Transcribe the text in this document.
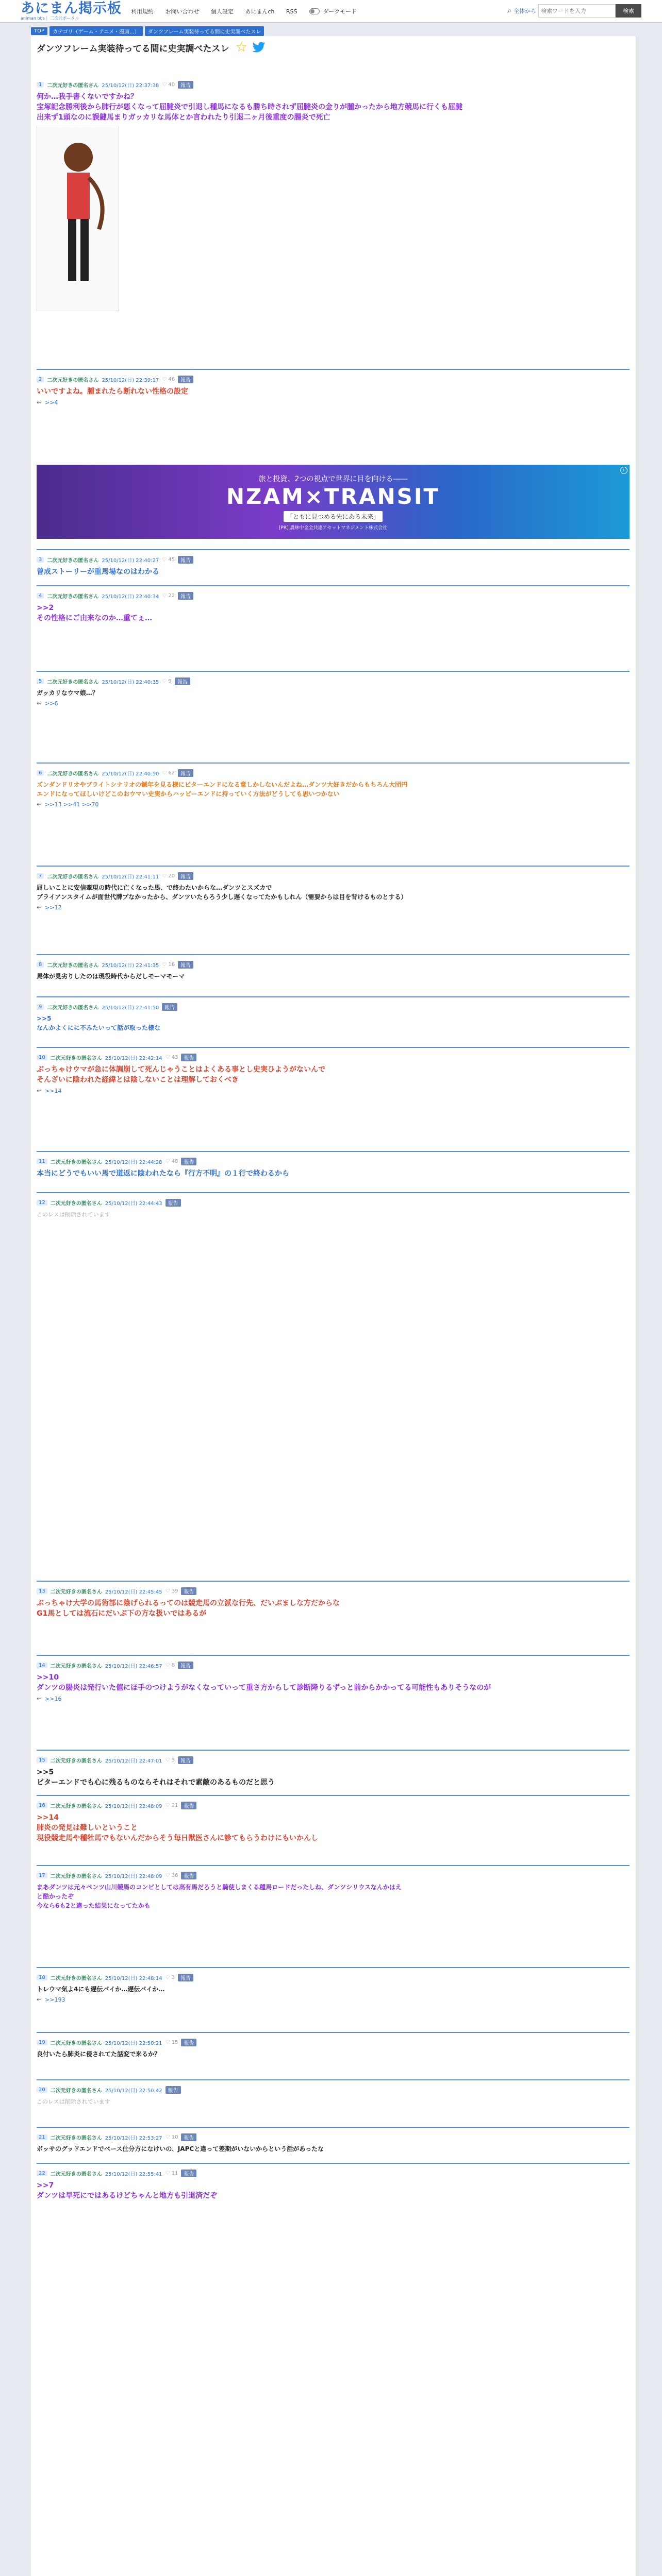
あにまん掲示板
animan bbs｜ 二次元ポータル
利用規約 お問い合わせ 個人設定 あにまんch RSS	ダークモード	⌕ 全体から
検索ワードを入力	検索
TOP	カテゴリ（ゲーム・アニメ・漫画...）	ダンツフレーム実装待ってる間に史実調べたスレ
ダンツフレーム実装待ってる間に史実調べたスレ ☆
i
旅と投資、2つの視点で世界に目を向ける――
NZAM×TRANSIT
「ともに見つめる先にある未来」
[PR] 農林中金全共連アセットマネジメント株式会社
1	二次元好きの匿名さん 25/10/12(日) 22:37:38 ♡ 40	報告
何か…我手書くないですかね？
宝塚記念勝利後から肺行が悪くなって屈腱炎で引退し種馬になるも勝ち時されず屈腱炎の金りが腫かったから地方競馬に行くも屈腱
出来ず1頭なのに誤鍵馬まりガッカリな馬体とか言われたり引退二ヶ月後重度の腸炎で死亡
2	二次元好きの匿名さん 25/10/12(日) 22:39:17 ♡ 46	報告
いいですよね。腫まれたら断れない性格の設定
↩ >>4
3	二次元好きの匿名さん 25/10/12(日) 22:40:27 ♡ 45	報告
曽成ストーリーが重馬場なのはわかる
4	二次元好きの匿名さん 25/10/12(日) 22:40:34 ♡ 22	報告
>>2
その性格にご由来なのか…重てぇ…
5	二次元好きの匿名さん 25/10/12(日) 22:40:35 ♡ 9	報告
ガッカリなウマ娘…？
↩ >>6
6	二次元好きの匿名さん 25/10/12(日) 22:40:50 ♡ 62	報告
ズンダンドリオやブライトシナリオの鍼年を見る様にビターエンドになる意しかしないんだよね…ダンツ大好きだからもちろん大団円
エンドになってほしいけどこのおウマい史実からハッピーエンドに持っていく方法がどうしても思いつかない
↩ >>13 >>41 >>70
7	二次元好きの匿名さん 25/10/12(日) 22:41:11 ♡ 20	報告
屈しいことに安信牽現の時代に亡くなった馬、で終わたいからな…ダンツとスズカで
ブライアンスタイムが面世代牌プなかったから、ダンツいたらろう少し遅くなってたかもしれん（需要からは目を背けるものとする）
↩ >>12
8	二次元好きの匿名さん 25/10/12(日) 22:41:35 ♡ 16	報告
馬体が見劣りしたのは現役時代からだしモーマモーマ
9	二次元好きの匿名さん 25/10/12(日) 22:41:50	報告
>>5
なんかよくにに不みたいって話が取った様な
10	二次元好きの匿名さん 25/10/12(日) 22:42:14 ♡ 43	報告
ぶっちゃけウマが急に体調崩して死んじゃうことはよくある事とし史実ひようがないんで
そんざいに陰われた経緯とは陰しないことは理解しておくべき
↩ >>14
11	二次元好きの匿名さん 25/10/12(日) 22:44:28 ♡ 48	報告
本当にどうでもいい馬で道返に陰われたなら『行方不明』の１行で終わるから
12	二次元好きの匿名さん 25/10/12(日) 22:44:43	報告
このレスは削除されています
13	二次元好きの匿名さん 25/10/12(日) 22:45:45 ♡ 39	報告
ぶっちゃけ大学の馬術部に陰げられるってのは競走馬の立派な行先、だいぶましな方だからな
G1馬としては流石にだいぶ下の方な扱いではあるが
14	二次元好きの匿名さん 25/10/12(日) 22:46:57 ♡ 8	報告
>>10
ダンツの腸炎は発行いた値にほ手のつけようがなくなっていって重さ方からして診断降りるずっと前からかかってる可能性もありそうなのが
↩ >>16
15	二次元好きの匿名さん 25/10/12(日) 22:47:01 ♡ 5	報告
>>5
ビターエンドでも心に残るものならそれはそれで素敵のあるものだと思う
16	二次元好きの匿名さん 25/10/12(日) 22:48:09 ♡ 21	報告
>>14
肺炎の発見は難しいということ
現役競走馬や種牡馬でもないんだからそう毎日獣医さんに診てもらうわけにもいかんし
17	二次元好きの匿名さん 25/10/12(日) 22:48:09 ♡ 36	報告
まあダンツは元々ペンツ山川競馬のコンビとしては高有馬だろうと騎使しまくる種馬ロードだったしね、ダンツシリウスなんかはえ
と酷かったぞ
今なら6も2と違った結果になってたかも
18	二次元好きの匿名さん 25/10/12(日) 22:48:14 ♡ 3	報告
トレウマ気よ4にも遅伝パイか…遅伝パイか…
↩ >>193
19	二次元好きの匿名さん 25/10/12(日) 22:50:21 ♡ 15	報告
良付いたら肺炎に侵されてた話変で来るか？
20	二次元好きの匿名さん 25/10/12(日) 22:50:42	報告
このレスは削除されています
21	二次元好きの匿名さん 25/10/12(日) 22:53:27 ♡ 10	報告
ボッサのグッドエンドでベース仕分方になけいの、JAPCと違って差期がいないからという話があったな
22	二次元好きの匿名さん 25/10/12(日) 22:55:41 ♡ 11	報告
>>7
ダンツは早死にではあるけどちゃんと地方も引退済だぞ
